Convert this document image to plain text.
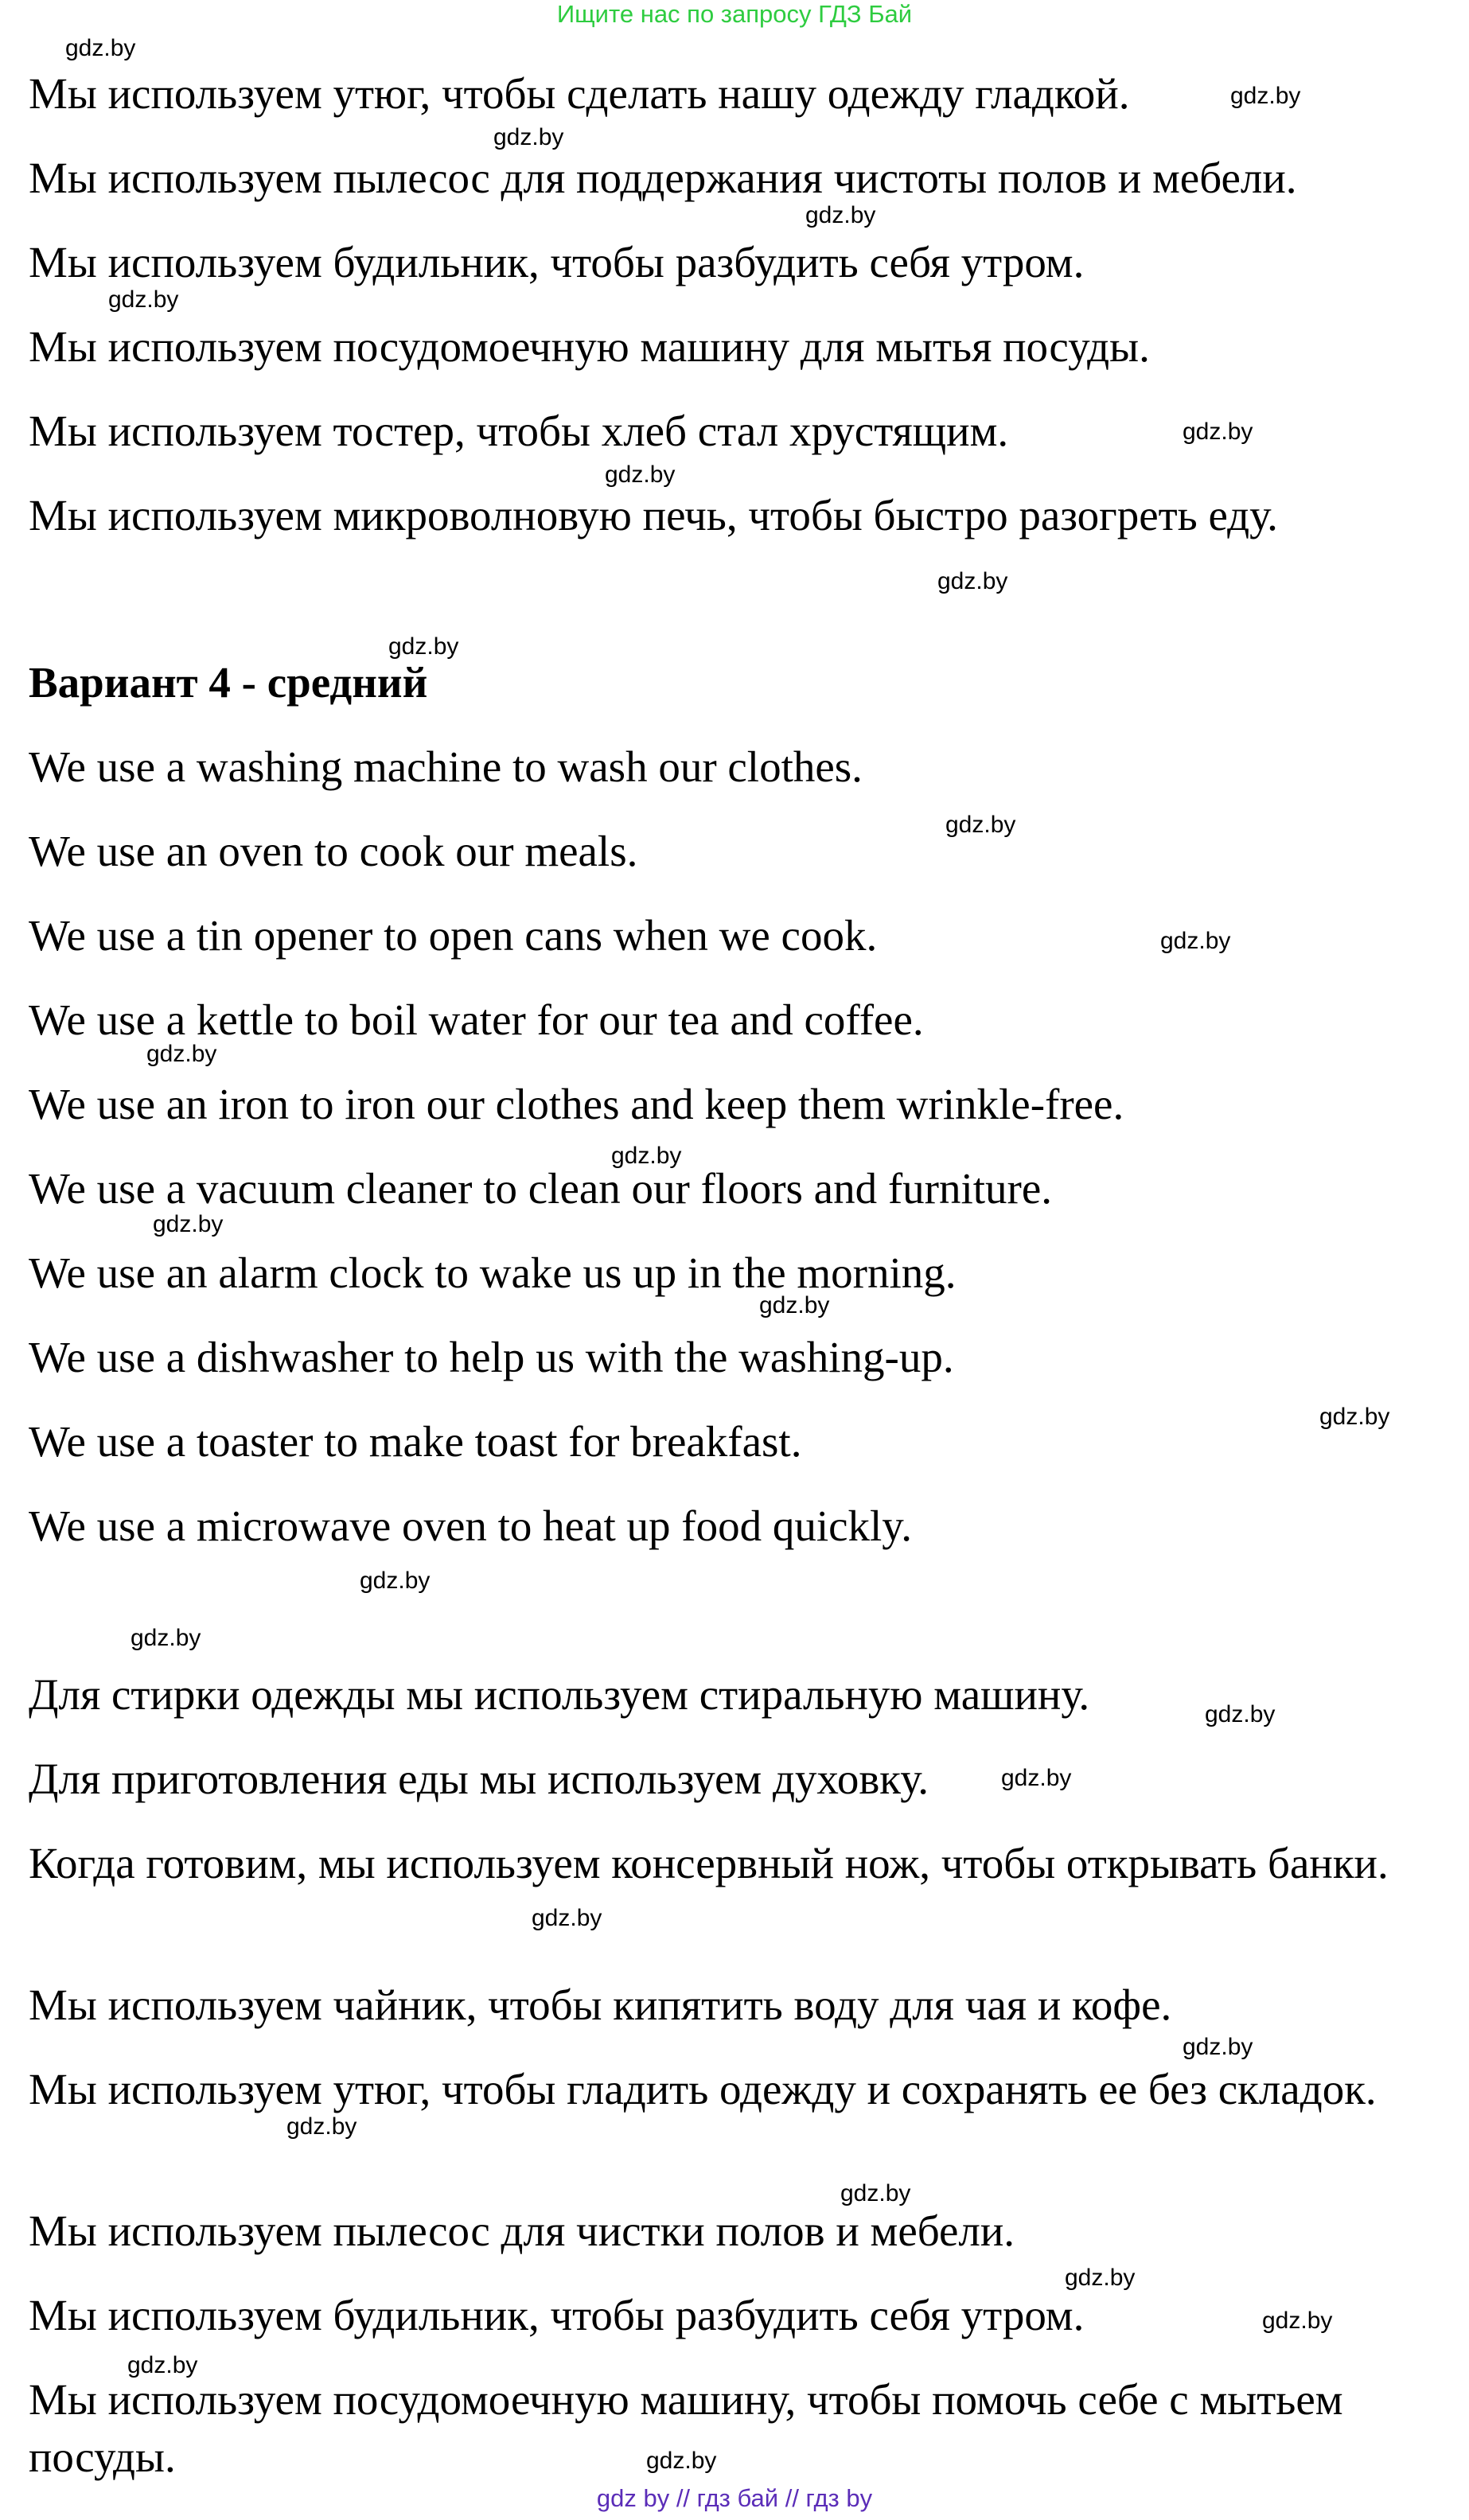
Ищите нас по запросу ГДЗ Бай

Мы используем утюг, чтобы сделать нашу одежду гладкой.

Мы используем пылесос для поддержания чистоты полов и мебели.

Мы используем будильник, чтобы разбудить себя утром.

Мы используем посудомоечную машину для мытья посуды.

Мы используем тостер, чтобы хлеб стал хрустящим.

Мы используем микроволновую печь, чтобы быстро разогреть еду.

Вариант 4 - средний

We use a washing machine to wash our clothes.

We use an oven to cook our meals.

We use a tin opener to open cans when we cook.

We use a kettle to boil water for our tea and coffee.

We use an iron to iron our clothes and keep them wrinkle-free.

We use a vacuum cleaner to clean our floors and furniture.

We use an alarm clock to wake us up in the morning.

We use a dishwasher to help us with the washing-up.

We use a toaster to make toast for breakfast.

We use a microwave oven to heat up food quickly.

Для стирки одежды мы используем стиральную машину.

Для приготовления еды мы используем духовку.

Когда готовим, мы используем консервный нож, чтобы открывать банки.

Мы используем чайник, чтобы кипятить воду для чая и кофе.

Мы используем утюг, чтобы гладить одежду и сохранять ее без складок.

Мы используем пылесос для чистки полов и мебели.

Мы используем будильник, чтобы разбудить себя утром.

Мы используем посудомоечную машину, чтобы помочь себе с мытьем посуды.

gdz.by
gdz.by
gdz.by
gdz.by
gdz.by
gdz.by
gdz.by
gdz.by
gdz.by
gdz.by
gdz.by
gdz.by
gdz.by
gdz.by
gdz.by
gdz.by
gdz.by
gdz.by
gdz.by
gdz.by
gdz.by
gdz.by
gdz.by
gdz.by
gdz.by
gdz.by
gdz.by
gdz.by
gdz by // гдз бай // гдз by
